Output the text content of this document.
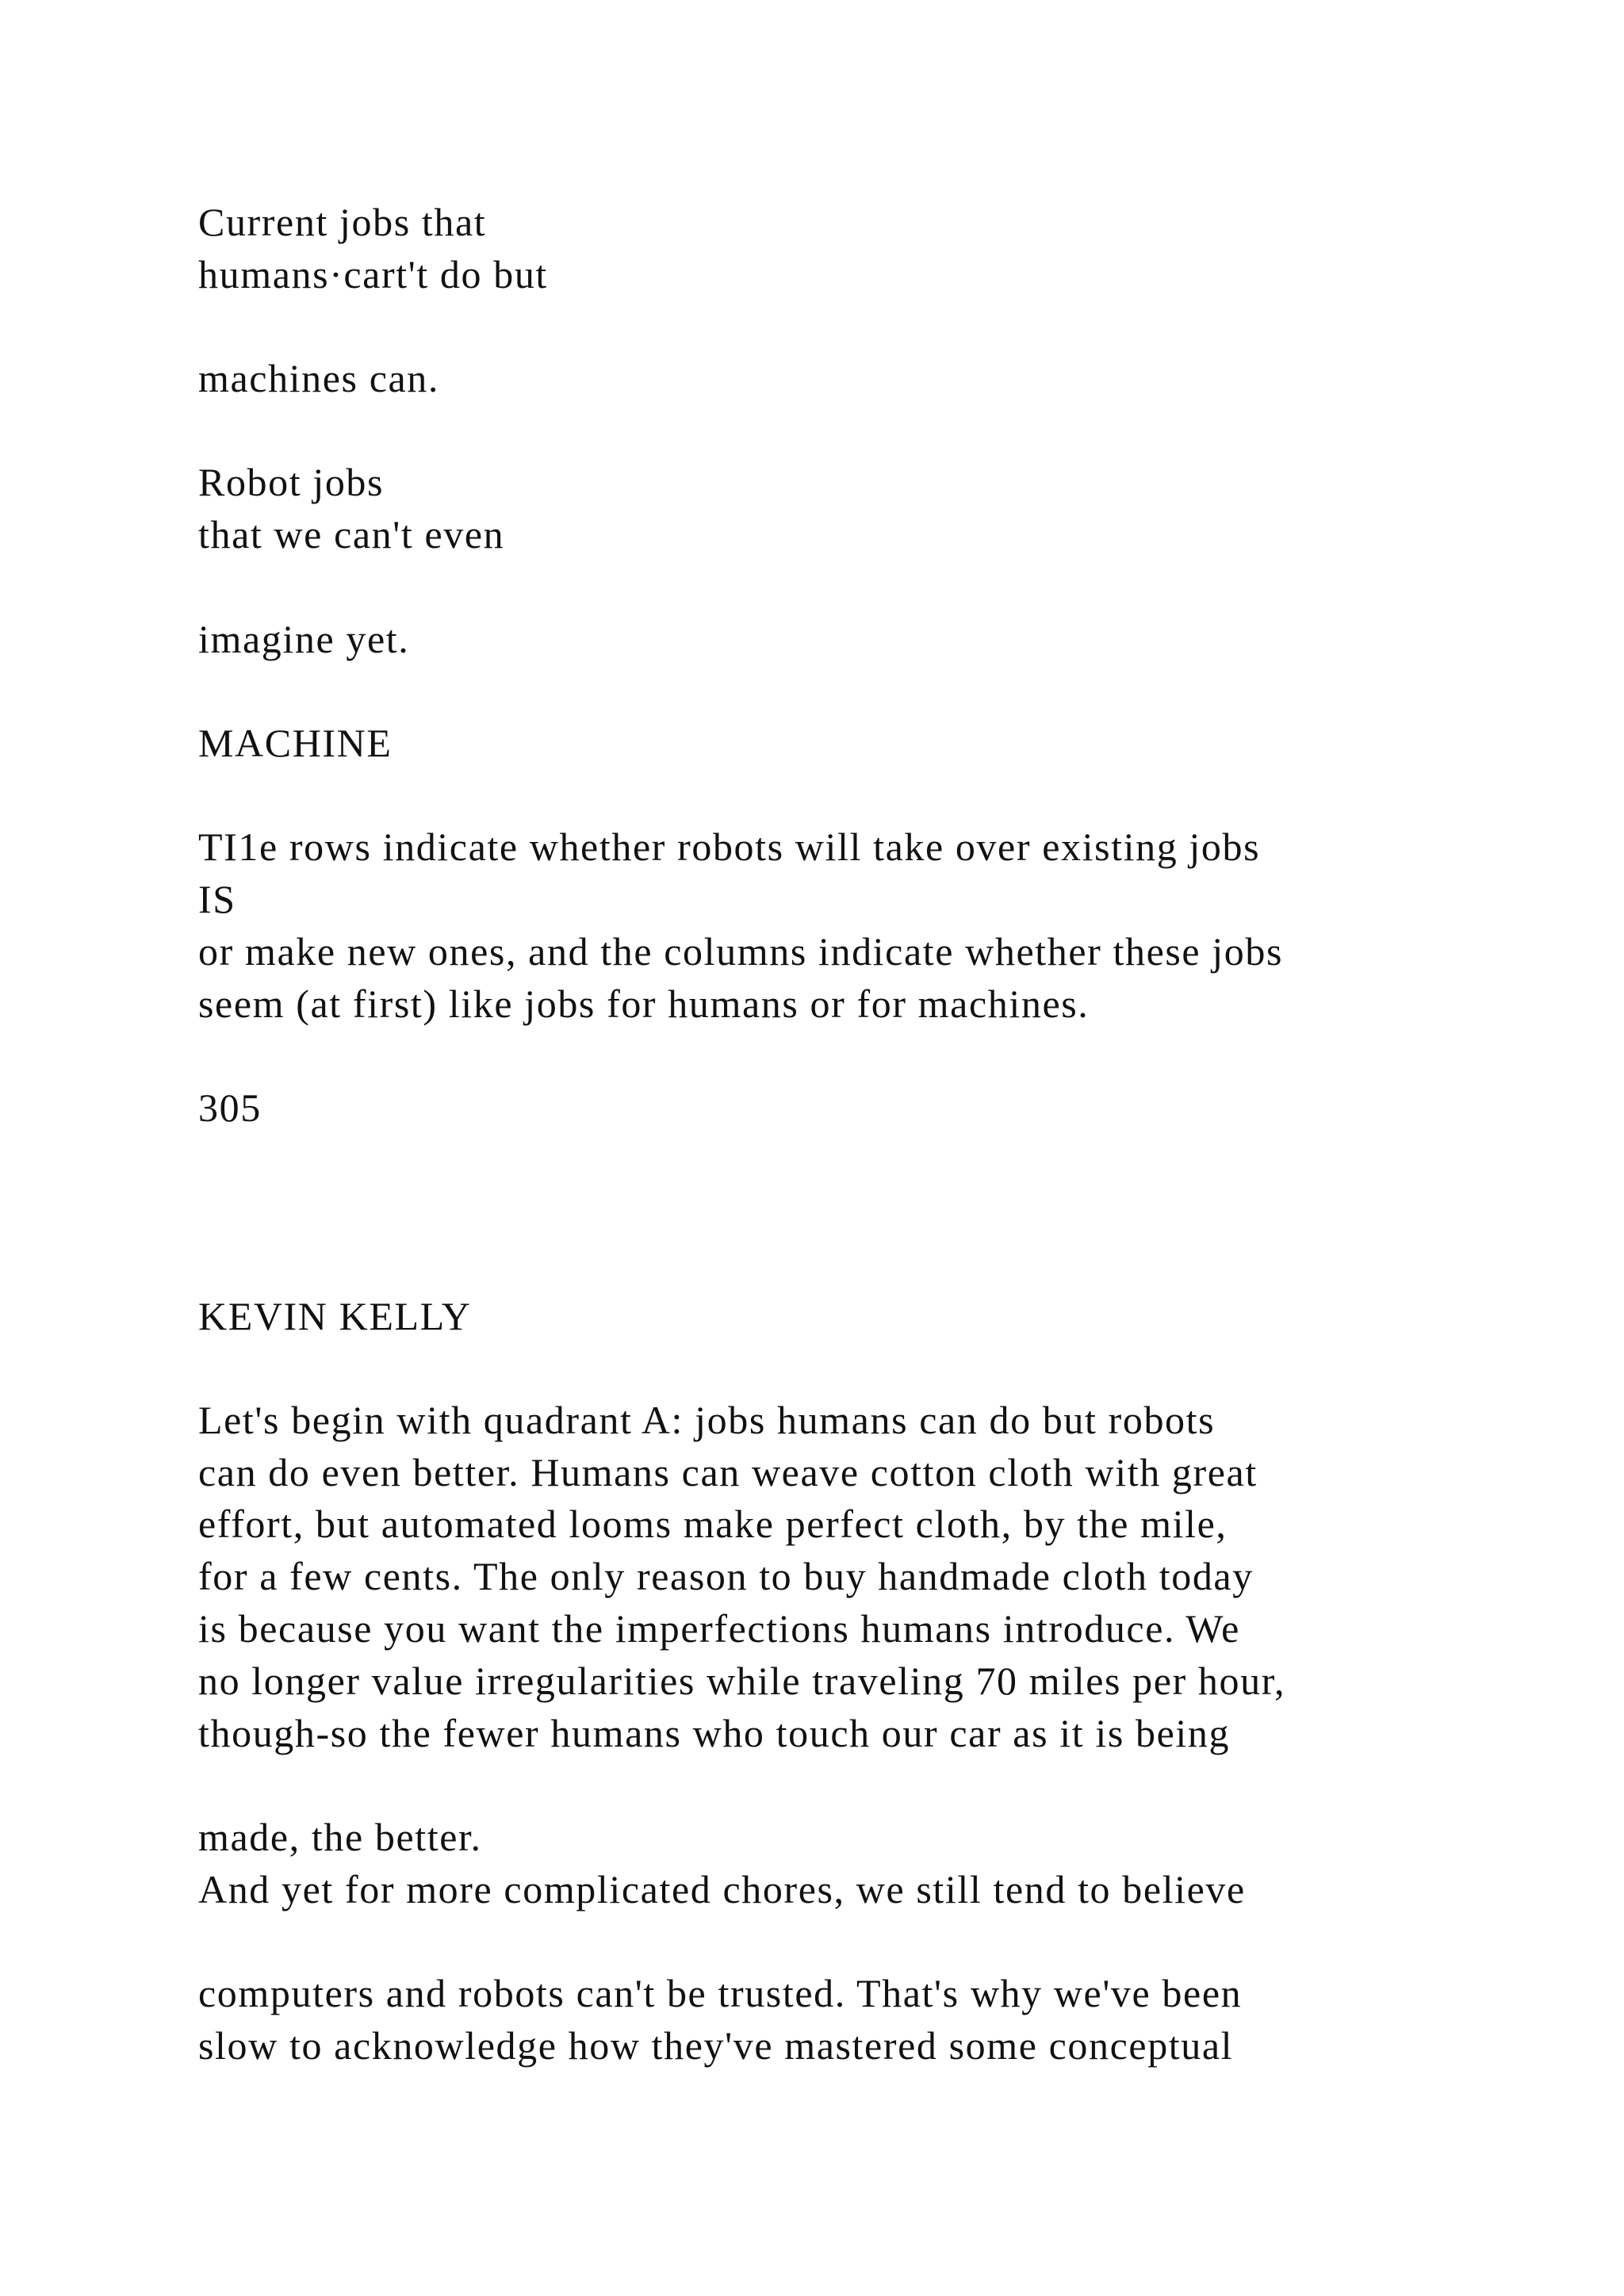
Current jobs that
humans·cart't do but
machines can.
Robot jobs
that we can't even
imagine yet.
MACHINE
TI1e rows indicate whether robots will take over existing jobs
IS
or make new ones, and the columns indicate whether these jobs
seem (at first) like jobs for humans or for machines.
305
KEVIN KELLY
Let's begin with quadrant A: jobs humans can do but robots
can do even better. Humans can weave cotton cloth with great
effort, but automated looms make perfect cloth, by the mile,
for a few cents. The only reason to buy handmade cloth today
is because you want the imperfections humans introduce. We
no longer value irregularities while traveling 70 miles per hour,
though-so the fewer humans who touch our car as it is being
made, the better.
And yet for more complicated chores, we still tend to believe
computers and robots can't be trusted. That's why we've been
slow to acknowledge how they've mastered some conceptual
